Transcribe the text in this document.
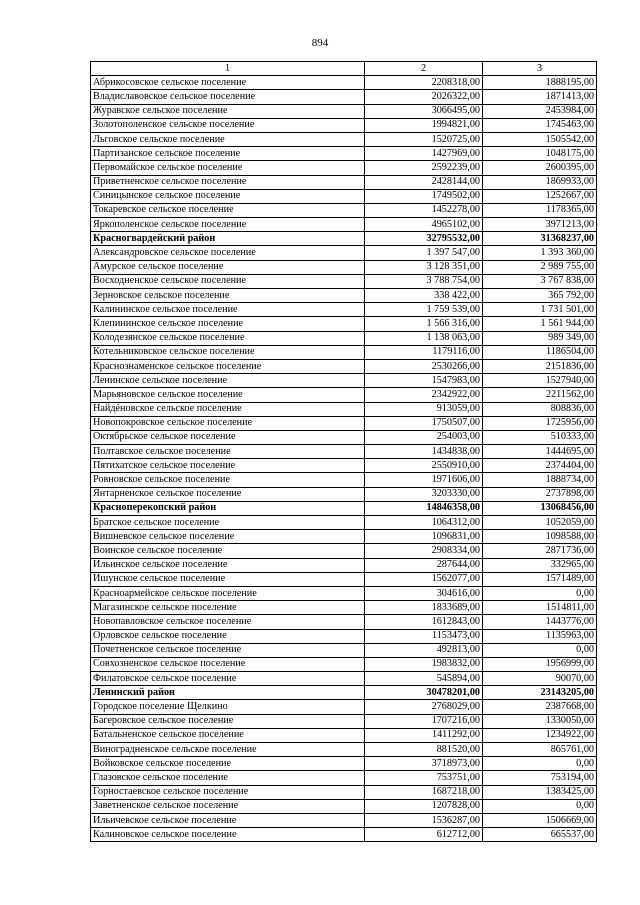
894
1	2	3
Абрикосовское сельское поселение	2208318,00	1888195,00
Владиславовское сельское поселение	2026322,00	1871413,00
Журавское сельское поселение	3066495,00	2453984,00
Золотополенское сельское поселение	1994821,00	1745463,00
Льговское сельское поселение	1520725,00	1505542,00
Партизанское сельское поселение	1427969,00	1048175,00
Первомайское сельское поселение	2592239,00	2600395,00
Приветненское сельское поселение	2428144,00	1869933,00
Синицынское сельское поселение	1749502,00	1252667,00
Токаревское сельское поселение	1452278,00	1178365,00
Яркополенское сельское поселение	4965102,00	3971213,00
Красногвардейский район	32795532,00	31368237,00
Александровское сельское поселение	1 397 547,00	1 393 360,00
Амурское сельское поселение	3 128 351,00	2 989 755,00
Восходненское сельское поселение	3 788 754,00	3 767 838,00
Зерновское сельское поселение	338 422,00	365 792,00
Калининское сельское поселение	1 759 539,00	1 731 501,00
Клепининское сельское поселение	1 566 316,00	1 561 944,00
Колодезянское сельское поселение	1 138 063,00	989 349,00
Котельниковское сельское поселение	1179116,00	1186504,00
Краснознаменское сельское поселение	2530266,00	2151836,00
Ленинское сельское поселение	1547983,00	1527940,00
Марьяновское сельское поселение	2342922,00	2211562,00
Найдёновское сельское поселение	913059,00	808836,00
Новопокровское сельское поселение	1750507,00	1725956,00
Октябрьское сельское поселение	254003,00	510333,00
Полтавское сельское поселение	1434838,00	1444695,00
Пятихатское сельское поселение	2550910,00	2374404,00
Ровновское сельское поселение	1971606,00	1888734,00
Янтарненское сельское поселение	3203330,00	2737898,00
Красноперекопский район	14846358,00	13068456,00
Братское сельское поселение	1064312,00	1052059,00
Вишневское сельское поселение	1096831,00	1098588,00
Воинское сельское поселение	2908334,00	2871736,00
Ильинское сельское поселение	287644,00	332965,00
Ишунское сельское поселение	1562077,00	1571489,00
Красноармейское сельское поселение	304616,00	0,00
Магазинское сельское поселение	1833689,00	1514811,00
Новопавловское сельское поселение	1612843,00	1443776,00
Орловское сельское поселение	1153473,00	1135963,00
Почетненское сельское поселение	492813,00	0,00
Совхозненское сельское поселение	1983832,00	1956999,00
Филатовское сельское поселение	545894,00	90070,00
Ленинский район	30478201,00	23143205,00
Городское поселение Щелкино	2768029,00	2387668,00
Багеровское сельское поселение	1707216,00	1330050,00
Батальненское сельское поселение	1411292,00	1234922,00
Виноградненское сельское поселение	881520,00	865761,00
Войковское сельское поселение	3718973,00	0,00
Глазовское сельское поселение	753751,00	753194,00
Горностаевское сельское поселение	1687218,00	1383425,00
Заветненское сельское поселение	1207828,00	0,00
Ильичевское сельское поселение	1536287,00	1506669,00
Калиновское сельское поселение	612712,00	665537,00
